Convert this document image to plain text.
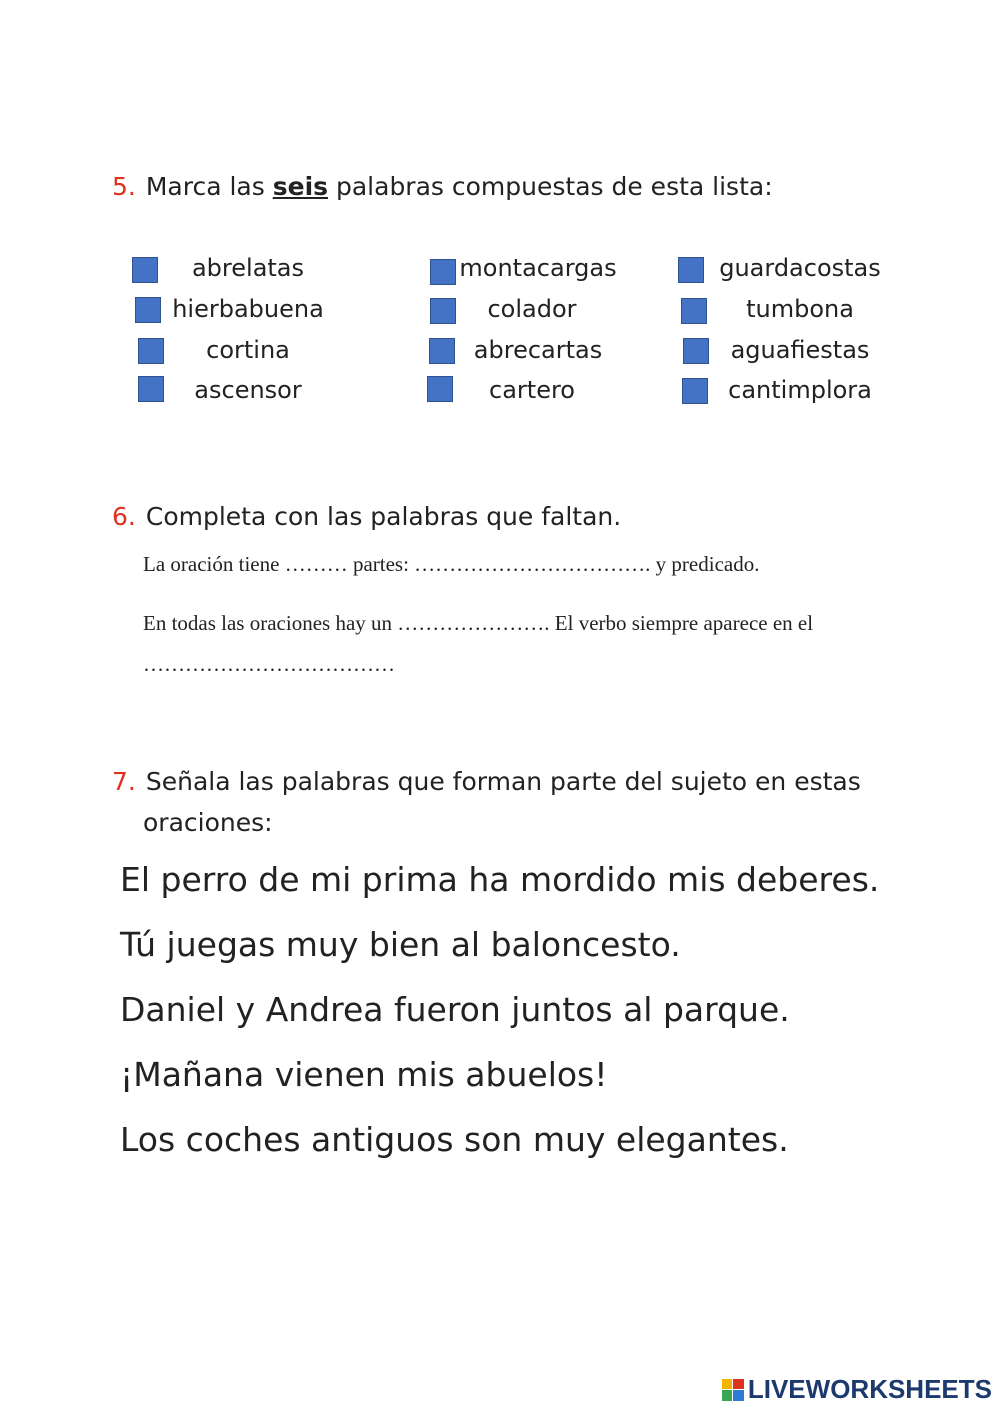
5. Marca las seis palabras compuestas de esta lista:
abrelatas	montacargas	guardacostas
hierbabuena	colador	tumbona
cortina	abrecartas	aguafiestas
ascensor	cartero	cantimplora
6. Completa con las palabras que faltan.
La oración tiene ……… partes: ……………………………. y predicado.
En todas las oraciones hay un …………………. El verbo siempre aparece en el
………………………………
7. Señala las palabras que forman parte del sujeto en estas
oraciones:
El perro de mi prima ha mordido mis deberes.
Tú juegas muy bien al baloncesto.
Daniel y Andrea fueron juntos al parque.
¡Mañana vienen mis abuelos!
Los coches antiguos son muy elegantes.
LIVEWORKSHEETS
